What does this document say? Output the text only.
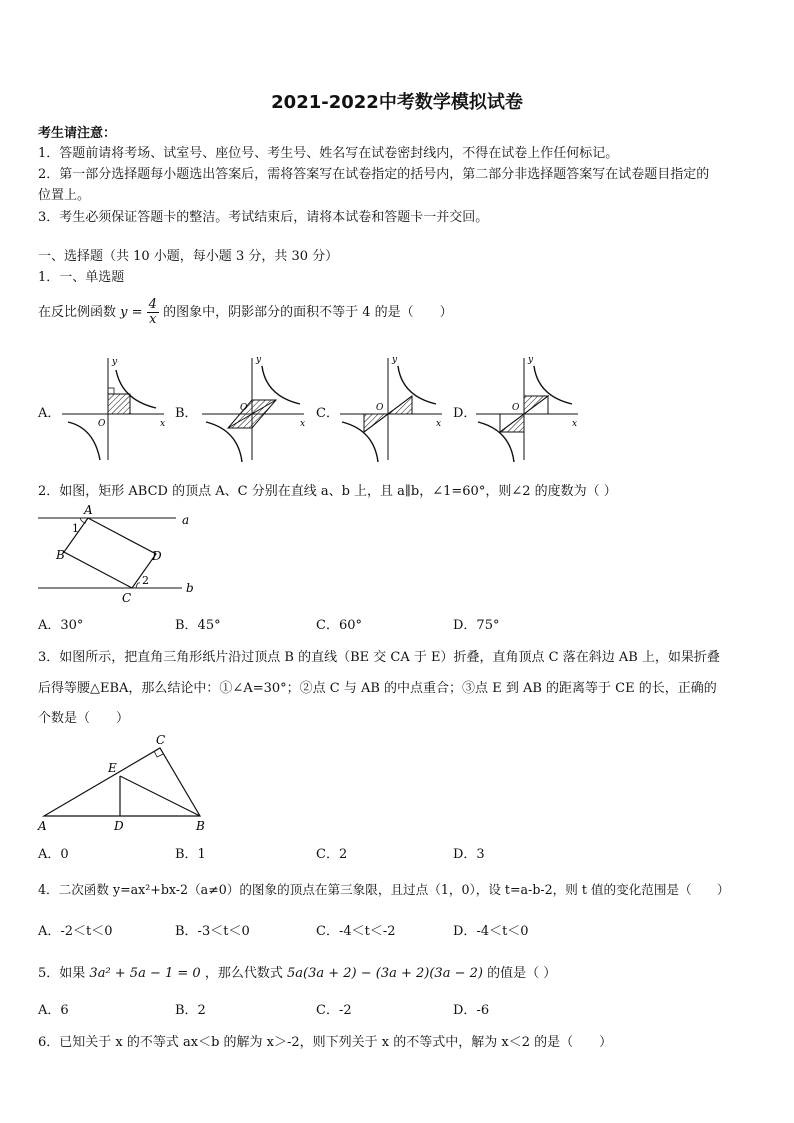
2021-2022中考数学模拟试卷
考生请注意：
1．答题前请将考场、试室号、座位号、考生号、姓名写在试卷密封线内，不得在试卷上作任何标记。
2．第一部分选择题每小题选出答案后，需将答案写在试卷指定的括号内，第二部分非选择题答案写在试卷题目指定的
位置上。
3．考生必须保证答题卡的整洁。考试结束后，请将本试卷和答题卡一并交回。
一、选择题（共 10 小题，每小题 3 分，共 30 分）
1．一、单选题
在反比例函数 $y = \frac{4}{x}$ 的图象中，阴影部分的面积不等于 4 的是（　　）
A．	B．	C．	D．
y
x
O
y
x
O
y
x
O
y
x
O
2．如图，矩形 ABCD 的顶点 A、C 分别在直线 a、b 上，且 a∥b，∠1=60°，则∠2 的度数为（ ）
A
B
C
D
a
b
1
2
A．30°	B．45°	C．60°	D．75°
3．如图所示，把直角三角形纸片沿过顶点 B 的直线（BE 交 CA 于 E）折叠，直角顶点 C 落在斜边 AB 上，如果折叠
后得等腰△EBA，那么结论中：①∠A=30°；②点 C 与 AB 的中点重合；③点 E 到 AB 的距离等于 CE 的长，正确的
个数是（　　）
A	B
C
D
E
A．0	B．1	C．2	D．3
4．二次函数 y=ax²+bx-2（a≠0）的图象的顶点在第三象限，且过点（1，0），设 t=a-b-2，则 t 值的变化范围是（　　）
A．-2＜t＜0	B．-3＜t＜0	C．-4＜t＜-2	D．-4＜t＜0
5．如果 3a² + 5a − 1 = 0 ，那么代数式 5a(3a + 2) − (3a + 2)(3a − 2) 的值是（ ）
A．6	B．2	C．-2	D．-6
6．已知关于 x 的不等式 ax＜b 的解为 x＞-2，则下列关于 x 的不等式中，解为 x＜2 的是（　　）
